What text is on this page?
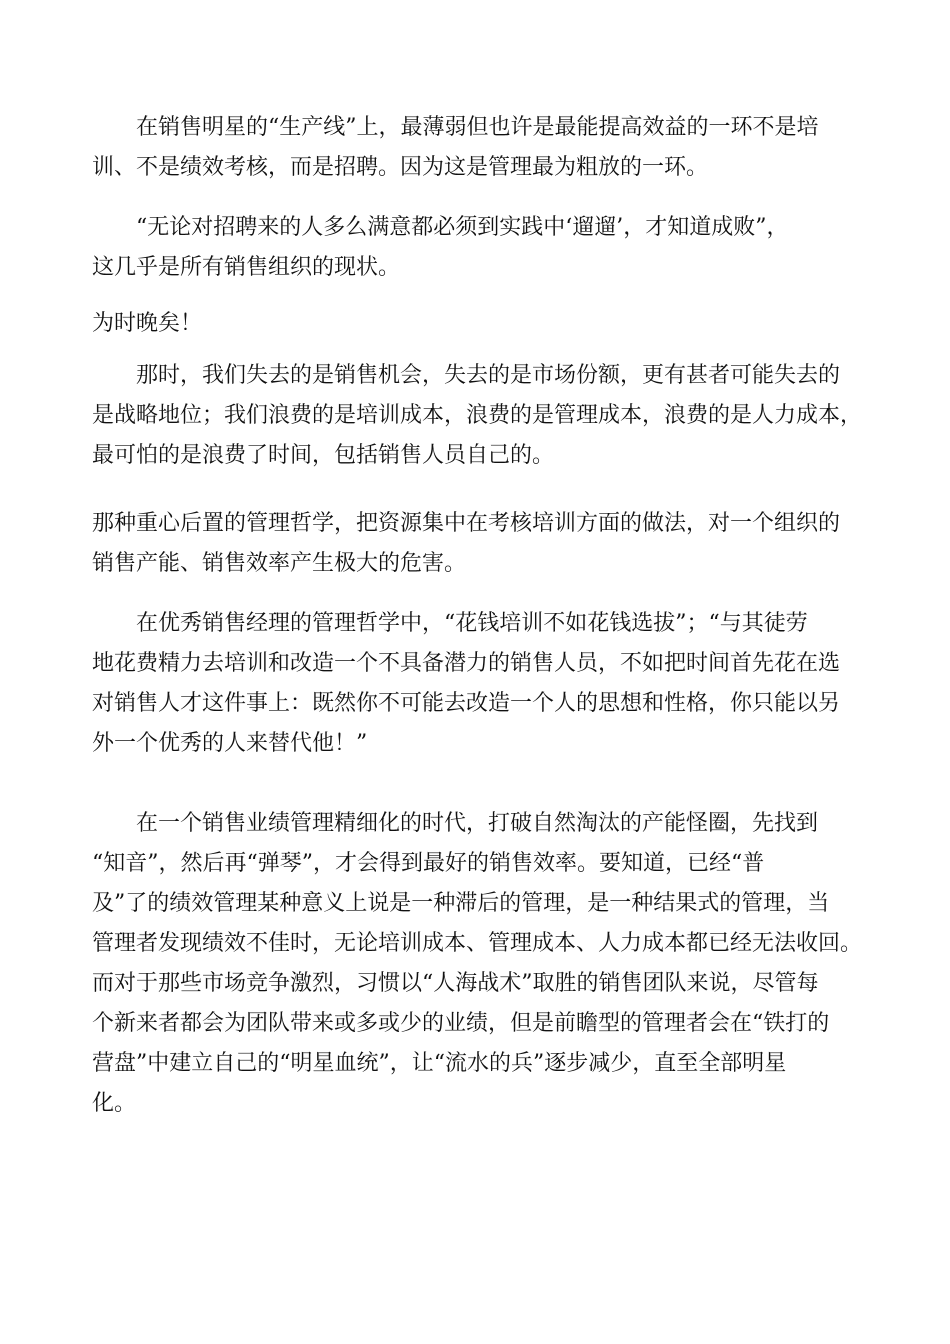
在销售明星的“生产线”上，最薄弱但也许是最能提高效益的一环不是培
训、不是绩效考核，而是招聘。因为这是管理最为粗放的一环。
“无论对招聘来的人多么满意都必须到实践中‘遛遛’，才知道成败”，
这几乎是所有销售组织的现状。
为时晚矣！
那时，我们失去的是销售机会，失去的是市场份额，更有甚者可能失去的
是战略地位；我们浪费的是培训成本，浪费的是管理成本，浪费的是人力成本，
最可怕的是浪费了时间，包括销售人员自己的。
那种重心后置的管理哲学，把资源集中在考核培训方面的做法，对一个组织的
销售产能、销售效率产生极大的危害。
在优秀销售经理的管理哲学中，“花钱培训不如花钱选拔”；“与其徒劳
地花费精力去培训和改造一个不具备潜力的销售人员，不如把时间首先花在选
对销售人才这件事上：既然你不可能去改造一个人的思想和性格，你只能以另
外一个优秀的人来替代他！”
在一个销售业绩管理精细化的时代，打破自然淘汰的产能怪圈，先找到
“知音”，然后再“弹琴”，才会得到最好的销售效率。要知道，已经“普
及”了的绩效管理某种意义上说是一种滞后的管理，是一种结果式的管理，当
管理者发现绩效不佳时，无论培训成本、管理成本、人力成本都已经无法收回。
而对于那些市场竞争激烈，习惯以“人海战术”取胜的销售团队来说，尽管每
个新来者都会为团队带来或多或少的业绩，但是前瞻型的管理者会在“铁打的
营盘”中建立自己的“明星血统”，让“流水的兵”逐步减少，直至全部明星
化。
